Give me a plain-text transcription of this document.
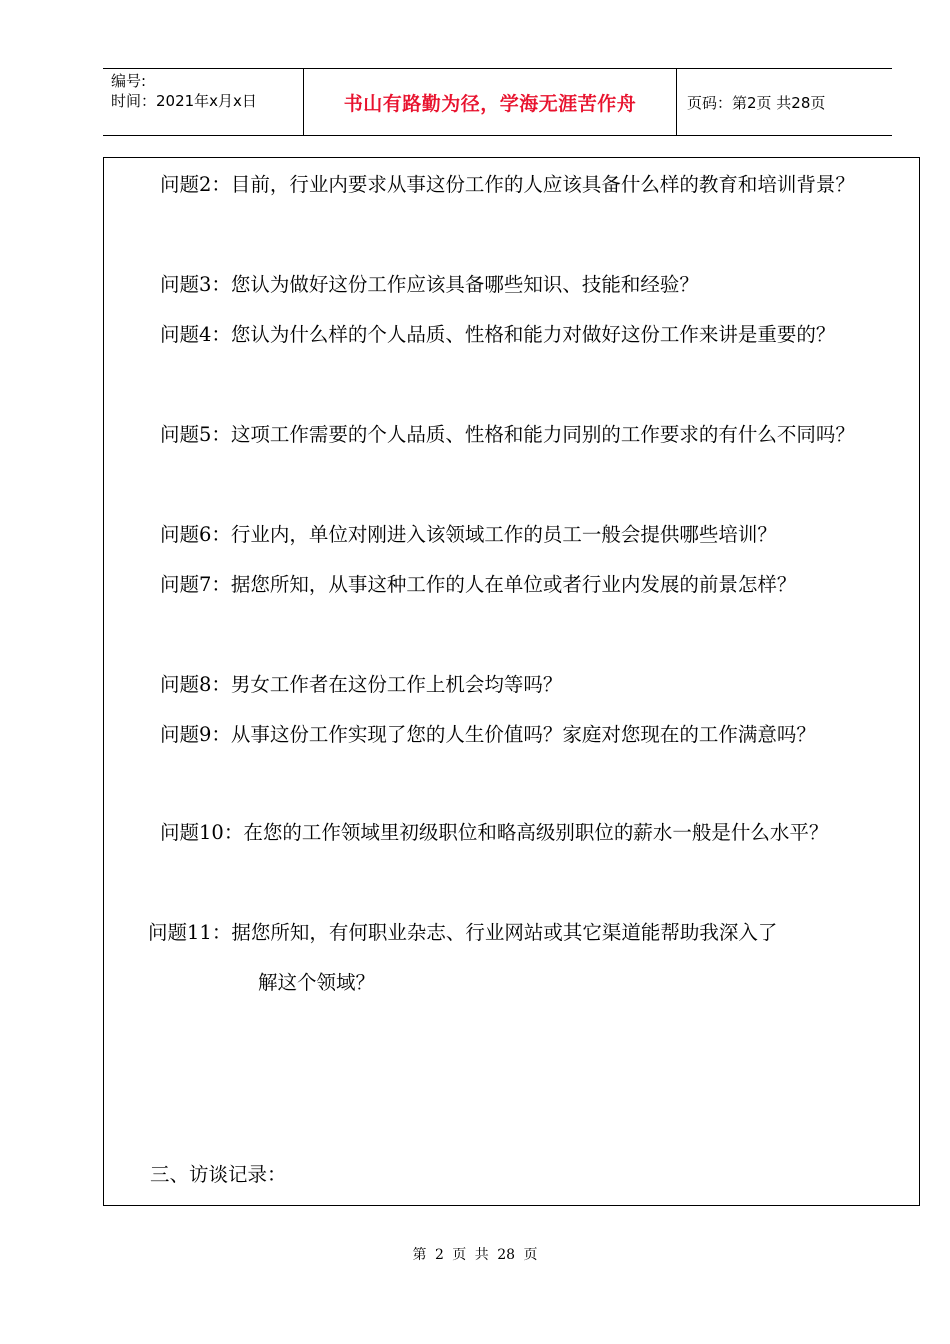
编号:
时间：2021年x月x日	书山有路勤为径，学海无涯苦作舟	页码：第2页 共28页
问题2：目前，行业内要求从事这份工作的人应该具备什么样的教育和培训背景？
问题3：您认为做好这份工作应该具备哪些知识、技能和经验？
问题4：您认为什么样的个人品质、性格和能力对做好这份工作来讲是重要的？
问题5：这项工作需要的个人品质、性格和能力同别的工作要求的有什么不同吗？
问题6：行业内，单位对刚进入该领域工作的员工一般会提供哪些培训？
问题7：据您所知，从事这种工作的人在单位或者行业内发展的前景怎样？
问题8：男女工作者在这份工作上机会均等吗？
问题9：从事这份工作实现了您的人生价值吗？家庭对您现在的工作满意吗？
问题10：在您的工作领域里初级职位和略高级别职位的薪水一般是什么水平？
问题11：据您所知，有何职业杂志、行业网站或其它渠道能帮助我深入了
解这个领域？
三、访谈记录：
第 2 页 共 28 页
